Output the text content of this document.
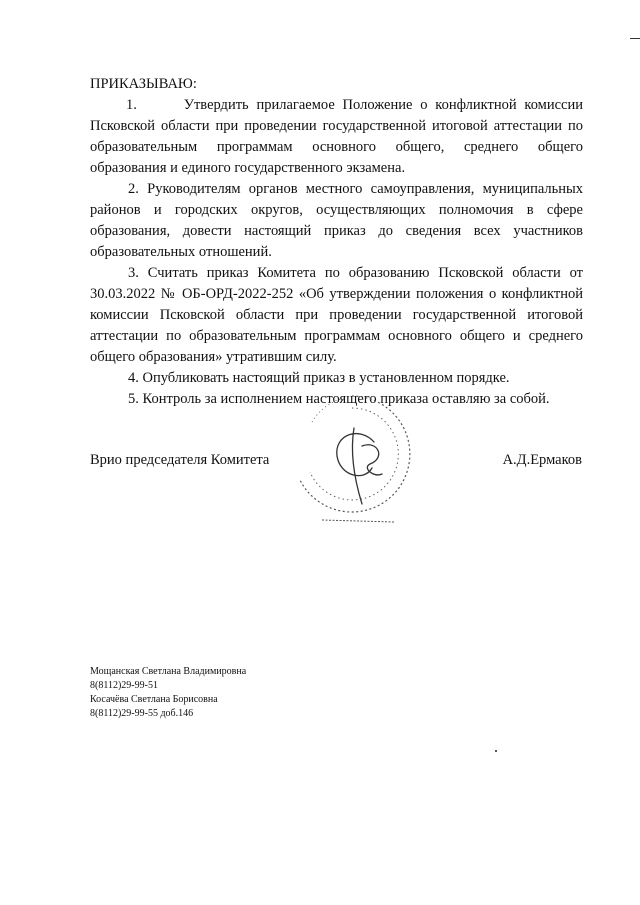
ПРИКАЗЫВАЮ:

1.	Утвердить прилагаемое Положение о конфликтной комиссии Псковской области при проведении государственной итоговой аттестации по образовательным программам основного общего, среднего общего образования и единого государственного экзамена.

2. Руководителям органов местного самоуправления, муниципальных районов и городских округов, осуществляющих полномочия в сфере образования, довести настоящий приказ до сведения всех участников образовательных отношений.

3. Считать приказ Комитета по образованию Псковской области от 30.03.2022 № ОБ-ОРД-2022-252 «Об утверждении положения о конфликтной комиссии Псковской области при проведении государственной итоговой аттестации по образовательным программам основного общего и среднего общего образования» утратившим силу.

4. Опубликовать настоящий приказ в установленном порядке.

5. Контроль за исполнением настоящего приказа оставляю за собой.

Врио председателя Комитета	А.Д.Ермаков
Мощанская Светлана Владимировна
8(8112)29-99-51
Косачёва Светлана Борисовна
8(8112)29-99-55 доб.146
